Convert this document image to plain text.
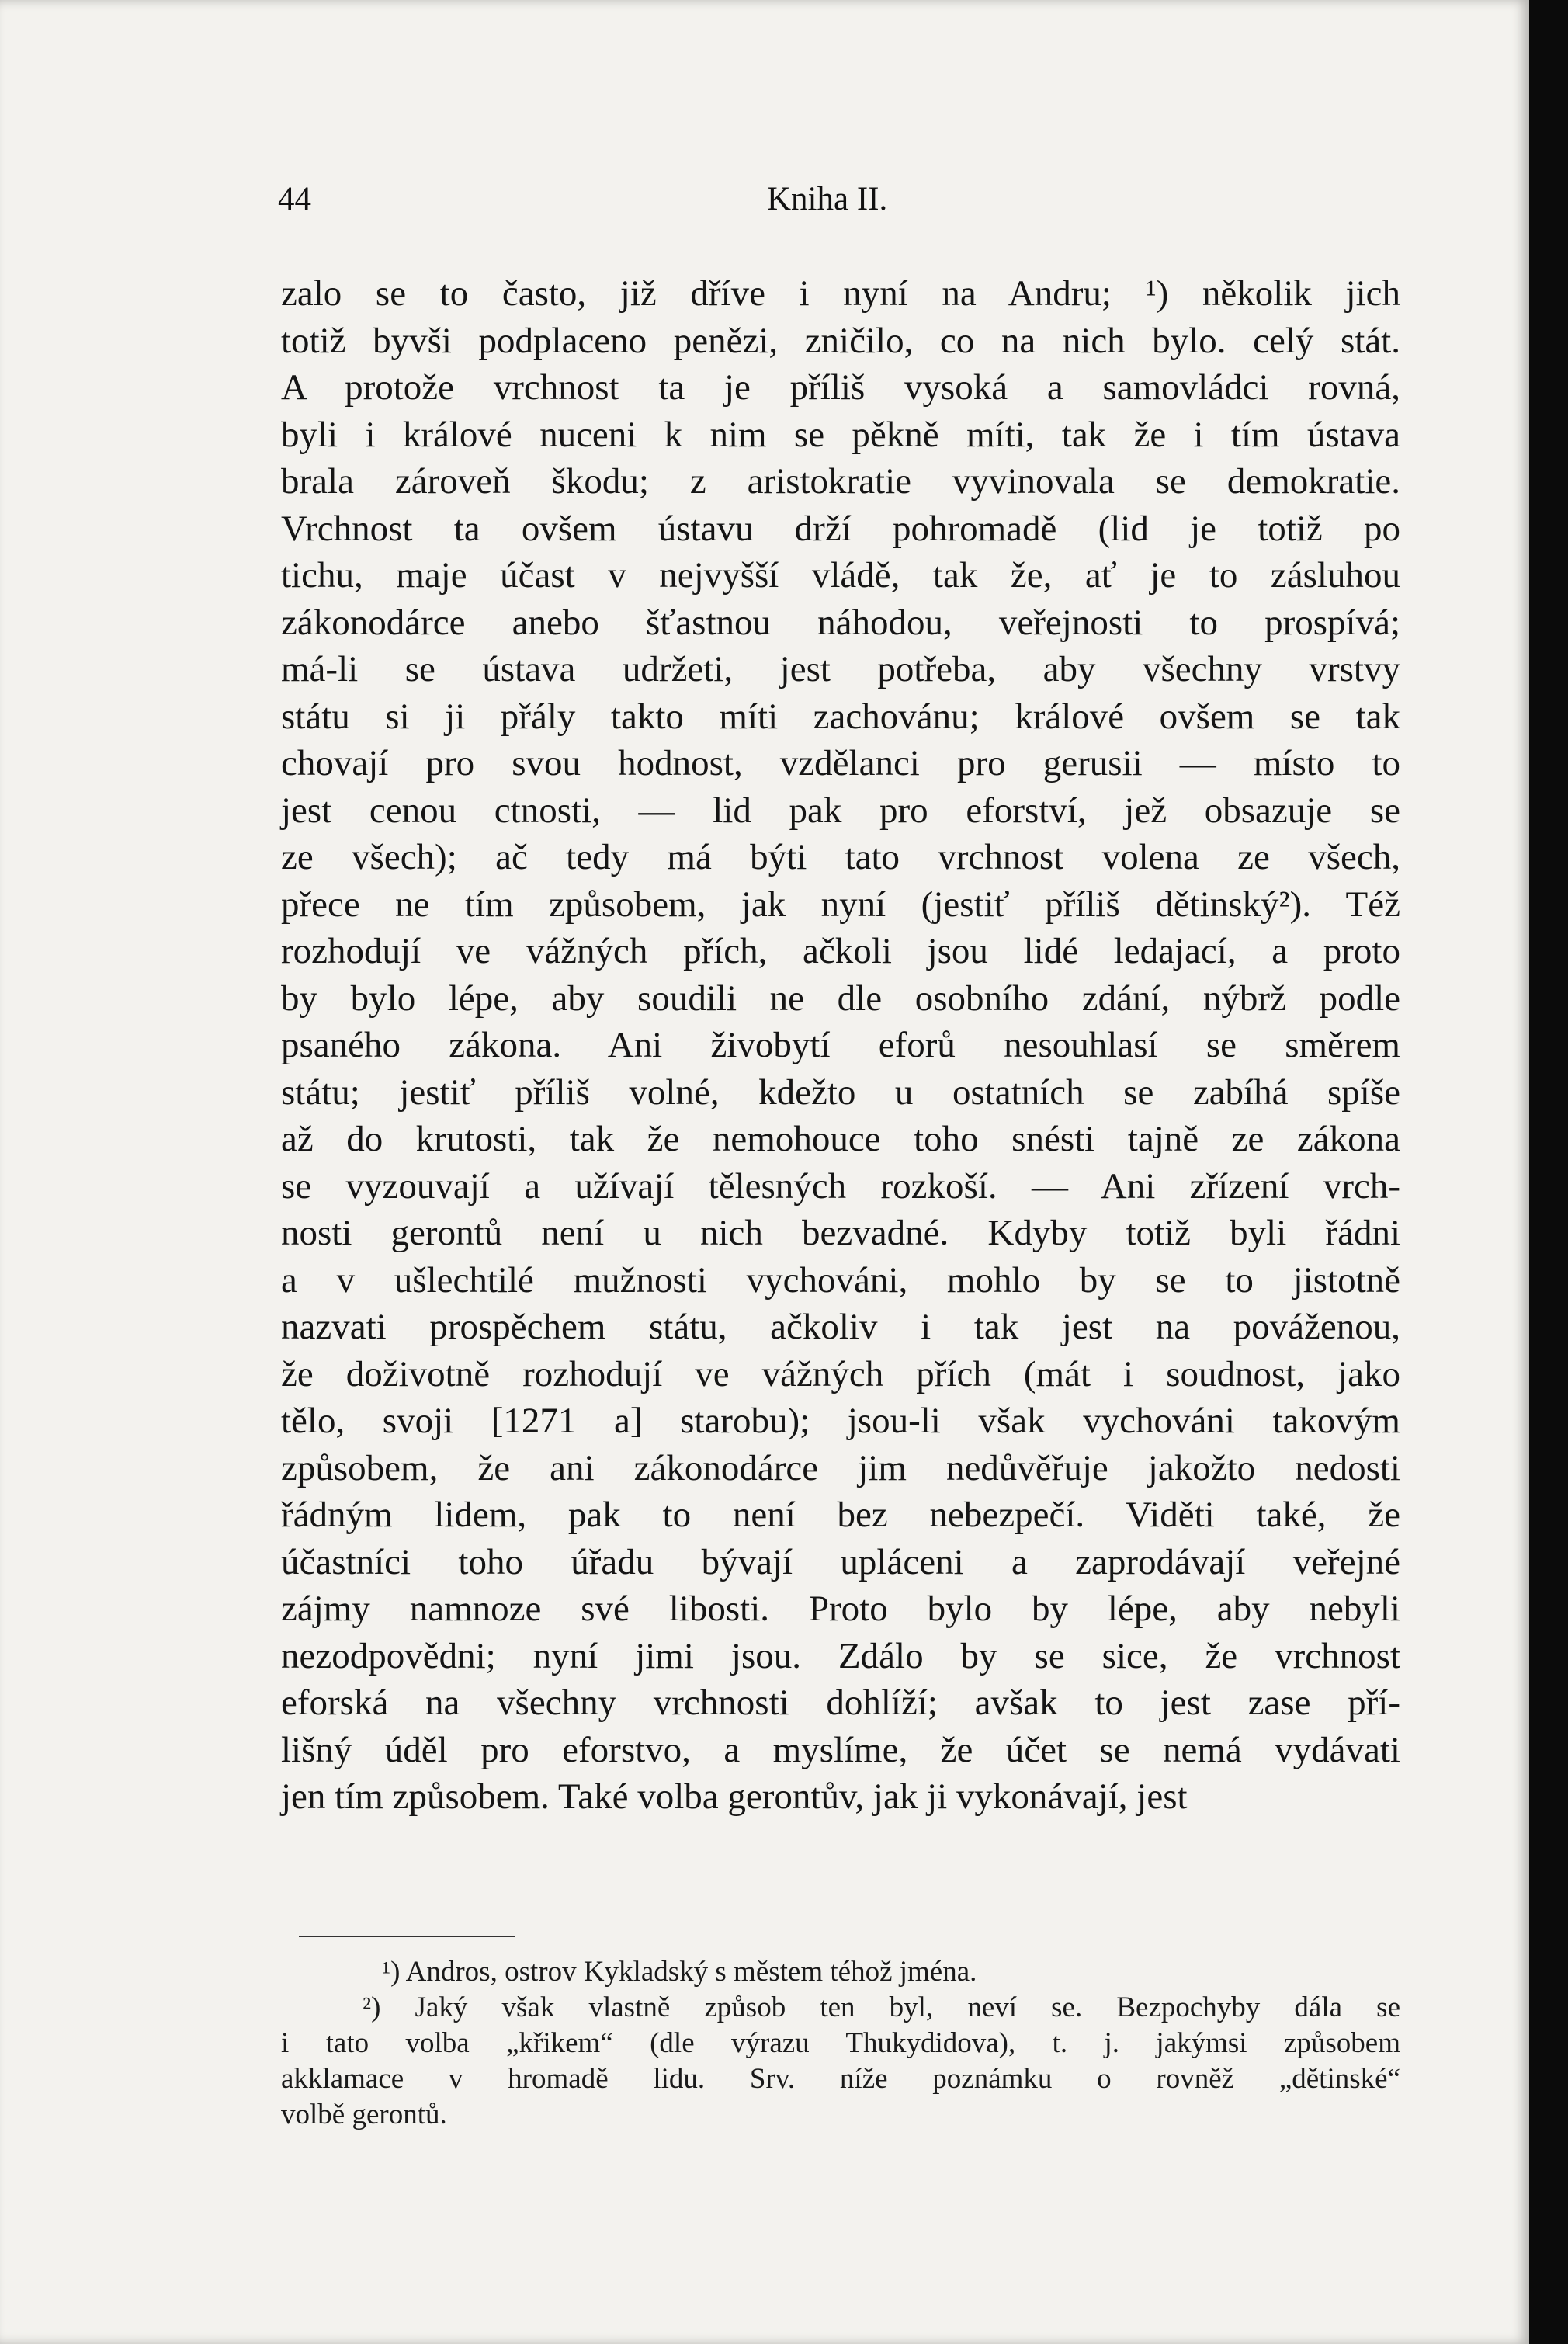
44	Kniha II.
zalo se to často, již dříve i nyní na Andru; ¹) několik jich
totiž byvši podplaceno penězi, zničilo, co na nich bylo. celý stát.
A protože vrchnost ta je příliš vysoká a samovládci rovná,
byli i králové nuceni k nim se pěkně míti, tak že i tím ústava
brala zároveň škodu; z aristokratie vyvinovala se demokratie.
Vrchnost ta ovšem ústavu drží pohromadě (lid je totiž po
tichu, maje účast v nejvyšší vládě, tak že, ať je to zásluhou
zákonodárce anebo šťastnou náhodou, veřejnosti to prospívá;
má-li se ústava udržeti, jest potřeba, aby všechny vrstvy
státu si ji přály takto míti zachovánu; králové ovšem se tak
chovají pro svou hodnost, vzdělanci pro gerusii — místo to
jest cenou ctnosti, — lid pak pro eforství, jež obsazuje se
ze všech); ač tedy má býti tato vrchnost volena ze všech,
přece ne tím způsobem, jak nyní (jestiť příliš dětinský²). Též
rozhodují ve vážných přích, ačkoli jsou lidé ledajací, a proto
by bylo lépe, aby soudili ne dle osobního zdání, nýbrž podle
psaného zákona. Ani živobytí eforů nesouhlasí se směrem
státu; jestiť příliš volné, kdežto u ostatních se zabíhá spíše
až do krutosti, tak že nemohouce toho snésti tajně ze zákona
se vyzouvají a užívají tělesných rozkoší. — Ani zřízení vrch-
nosti gerontů není u nich bezvadné. Kdyby totiž byli řádni
a v ušlechtilé mužnosti vychováni, mohlo by se to jistotně
nazvati prospěchem státu, ačkoliv i tak jest na pováženou,
že doživotně rozhodují ve vážných přích (mát i soudnost, jako
tělo, svoji [1271 a] starobu); jsou-li však vychováni takovým
způsobem, že ani zákonodárce jim nedůvěřuje jakožto nedosti
řádným lidem, pak to není bez nebezpečí. Viděti také, že
účastníci toho úřadu bývají upláceni a zaprodávají veřejné
zájmy namnoze své libosti. Proto bylo by lépe, aby nebyli
nezodpovědni; nyní jimi jsou. Zdálo by se sice, že vrchnost
eforská na všechny vrchnosti dohlíží; avšak to jest zase pří-
lišný úděl pro eforstvo, a myslíme, že účet se nemá vydávati
jen tím způsobem. Také volba gerontův, jak ji vykonávají, jest
¹) Andros, ostrov Kykladský s městem téhož jména.
²) Jaký však vlastně způsob ten byl, neví se. Bezpochyby dála se
i tato volba „křikem“ (dle výrazu Thukydidova), t. j. jakýmsi způsobem
akklamace v hromadě lidu. Srv. níže poznámku o rovněž „dětinské“
volbě gerontů.
